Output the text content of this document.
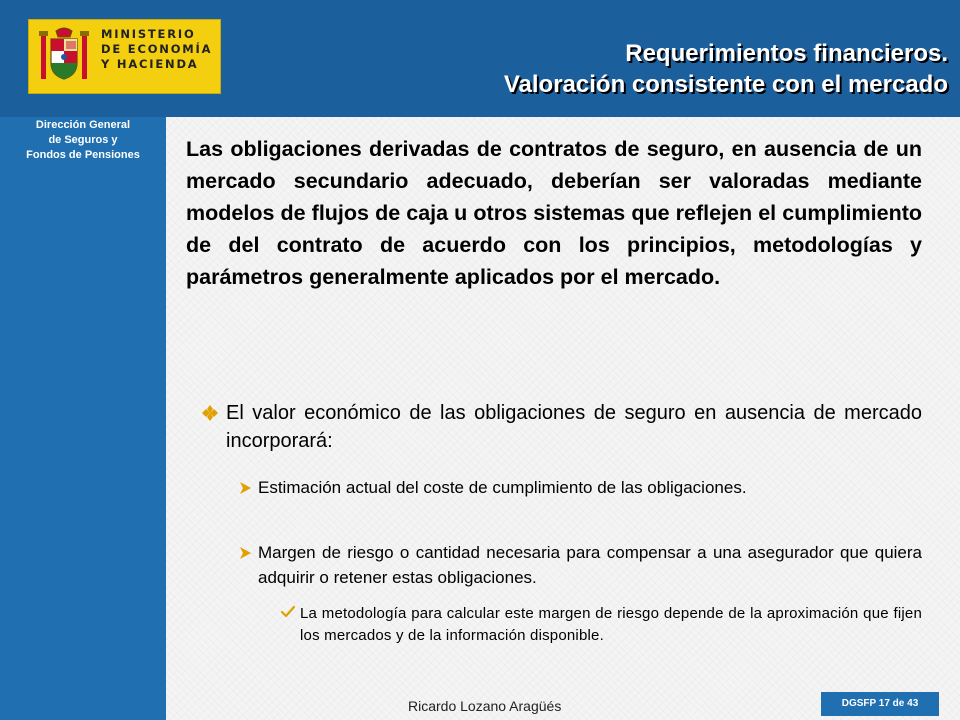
MINISTERIO
DE ECONOMÍA
Y HACIENDA
Dirección General
de Seguros y
Fondos de Pensiones
Requerimientos financieros.
Valoración consistente con el mercado
Las obligaciones derivadas de contratos de seguro, en ausencia de un mercado secundario adecuado, deberían ser valoradas mediante modelos de flujos de caja u otros sistemas que reflejen el cumplimiento de del contrato de acuerdo con los principios, metodologías y parámetros generalmente aplicados por el mercado.
El valor económico de las obligaciones de seguro en ausencia de mercado incorporará:
Estimación actual del coste de cumplimiento de las obligaciones.
Margen de riesgo o cantidad necesaria para compensar a una asegurador que quiera adquirir o retener estas obligaciones.
La metodología para calcular este margen de riesgo depende de la aproximación que fijen los mercados y de la información disponible.
Ricardo Lozano Aragüés	DGSFP 17 de 43
